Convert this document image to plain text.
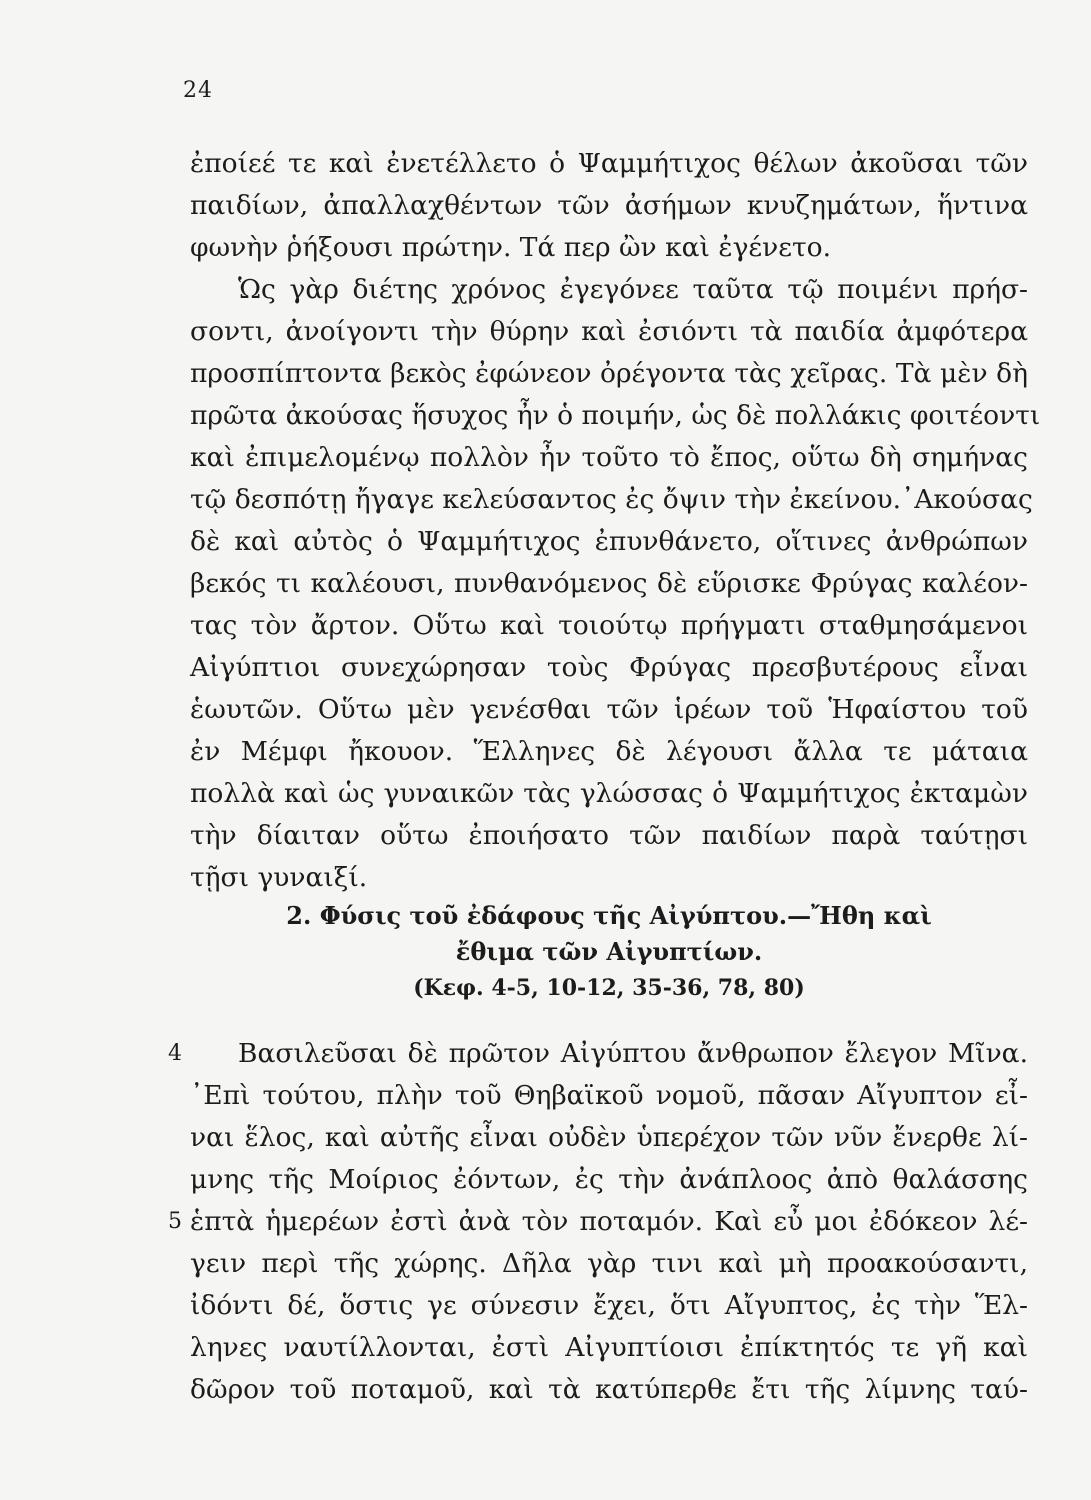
24
ἐποίεέ τε καὶ ἐνετέλλετο ὁ Ψαμμήτιχος θέλων ἀκοῦσαι τῶν
παιδίων, ἀπαλλαχθέντων τῶν ἀσήμων κνυζημάτων, ἥντινα
φωνὴν ῥήξουσι πρώτην. Τά περ ὢν καὶ ἐγένετο.
Ὡς γὰρ διέτης χρόνος ἐγεγόνεε ταῦτα τῷ ποιμένι πρήσ-
σοντι, ἀνοίγοντι τὴν θύρην καὶ ἐσιόντι τὰ παιδία ἀμφότερα
προσπίπτοντα βεκὸς ἐφώνεον ὀρέγοντα τὰς χεῖρας. Τὰ μὲν δὴ
πρῶτα ἀκούσας ἥσυχος ἦν ὁ ποιμήν, ὡς δὲ πολλάκις φοιτέοντι
καὶ ἐπιμελομένῳ πολλὸν ἦν τοῦτο τὸ ἔπος, οὕτω δὴ σημήνας
τῷ δεσπότῃ ἤγαγε κελεύσαντος ἐς ὄψιν τὴν ἐκείνου.᾿Ακούσας
δὲ καὶ αὐτὸς ὁ Ψαμμήτιχος ἐπυνθάνετο, οἵτινες ἀνθρώπων
βεκός τι καλέουσι, πυνθανόμενος δὲ εὕρισκε Φρύγας καλέον-
τας τὸν ἄρτον. Οὕτω καὶ τοιούτῳ πρήγματι σταθμησάμενοι
Αἰγύπτιοι συνεχώρησαν τοὺς Φρύγας πρεσβυτέρους εἶναι
ἑωυτῶν. Οὕτω μὲν γενέσθαι τῶν ἱρέων τοῦ Ἡφαίστου τοῦ
ἐν Μέμφι ἤκουον. Ἕλληνες δὲ λέγουσι ἄλλα τε μάταια
πολλὰ καὶ ὡς γυναικῶν τὰς γλώσσας ὁ Ψαμμήτιχος ἐκταμὼν
τὴν δίαιταν οὕτω ἐποιήσατο τῶν παιδίων παρὰ ταύτῃσι
τῇσι γυναιξί.
2. Φύσις τοῦ ἐδάφους τῆς Αἰγύπτου.—Ἤθη καὶ
ἔθιμα τῶν Αἰγυπτίων.
(Κεφ. 4-5, 10-12, 35-36, 78, 80)
4
5
Βασιλεῦσαι δὲ πρῶτον Αἰγύπτου ἄνθρωπον ἔλεγον Μῖνα.
᾿Επὶ τούτου, πλὴν τοῦ Θηβαϊκοῦ νομοῦ, πᾶσαν Αἴγυπτον εἶ-
ναι ἕλος, καὶ αὐτῆς εἶναι οὐδὲν ὑπερέχον τῶν νῦν ἔνερθε λί-
μνης τῆς Μοίριος ἐόντων, ἐς τὴν ἀνάπλοος ἀπὸ θαλάσσης
ἑπτὰ ἡμερέων ἐστὶ ἀνὰ τὸν ποταμόν. Καὶ εὖ μοι ἐδόκεον λέ-
γειν περὶ τῆς χώρης. Δῆλα γὰρ τινι καὶ μὴ προακούσαντι,
ἰδόντι δέ, ὅστις γε σύνεσιν ἔχει, ὅτι Αἴγυπτος, ἐς τὴν Ἕλ-
ληνες ναυτίλλονται, ἐστὶ Αἰγυπτίοισι ἐπίκτητός τε γῆ καὶ
δῶρον τοῦ ποταμοῦ, καὶ τὰ κατύπερθε ἔτι τῆς λίμνης ταύ-
